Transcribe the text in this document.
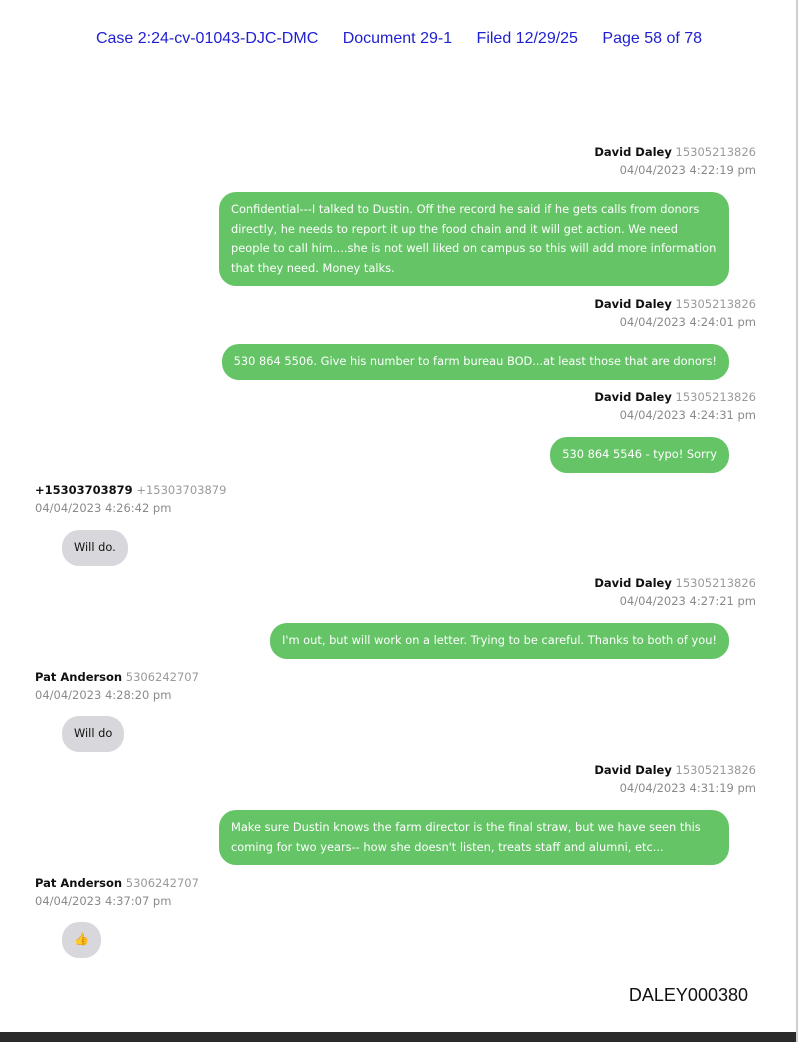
Case 2:24-cv-01043-DJC-DMC Document 29-1 Filed 12/29/25 Page 58 of 78
David Daley 15305213826
04/04/2023 4:22:19 pm
Confidential---I talked to Dustin. Off the record he said if he gets calls from donors directly, he needs to report it up the food chain and it will get action. We need people to call him....she is not well liked on campus so this will add more information that they need. Money talks.
David Daley 15305213826
04/04/2023 4:24:01 pm
530 864 5506. Give his number to farm bureau BOD...at least those that are donors!
David Daley 15305213826
04/04/2023 4:24:31 pm
530 864 5546 - typo! Sorry
+15303703879 +15303703879
04/04/2023 4:26:42 pm
Will do.
David Daley 15305213826
04/04/2023 4:27:21 pm
I'm out, but will work on a letter. Trying to be careful. Thanks to both of you!
Pat Anderson 5306242707
04/04/2023 4:28:20 pm
Will do
David Daley 15305213826
04/04/2023 4:31:19 pm
Make sure Dustin knows the farm director is the final straw, but we have seen this coming for two years-- how she doesn't listen, treats staff and alumni, etc...
Pat Anderson 5306242707
04/04/2023 4:37:07 pm
👍
DALEY000380
